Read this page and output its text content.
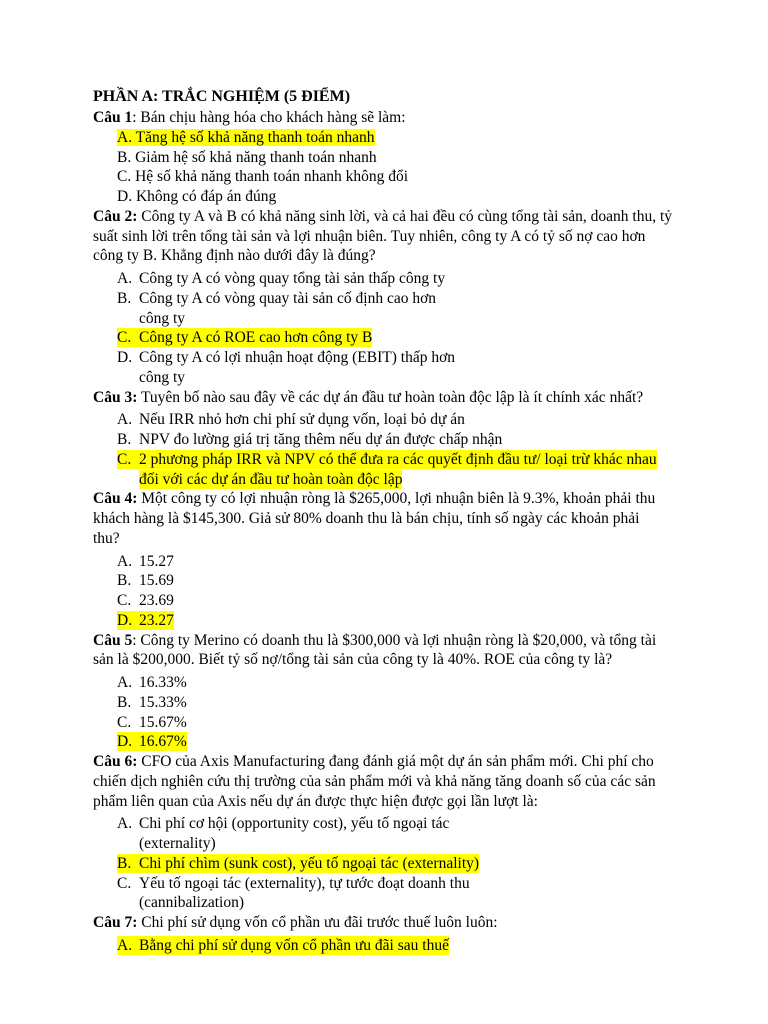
PHẦN A: TRẮC NGHIỆM (5 ĐIỂM)
Câu 1: Bán chịu hàng hóa cho khách hàng sẽ làm:
A. Tăng hệ số khả năng thanh toán nhanh
B. Giảm hệ số khả năng thanh toán nhanh
C. Hệ số khả năng thanh toán nhanh không đổi
D. Không có đáp án đúng
Câu 2: Công ty A và B có khả năng sinh lời, và cả hai đều có cùng tổng tài sản, doanh thu, tỷ
suất sinh lời trên tổng tài sản và lợi nhuận biên. Tuy nhiên, công ty A có tỷ số nợ cao hơn
công ty B. Khẳng định nào dưới đây là đúng?
A. Công ty A có vòng quay tổng tài sản thấp công ty
B. Công ty A có vòng quay tài sản cố định cao hơn
công ty
C. Công ty A có ROE cao hơn công ty B
D. Công ty A có lợi nhuận hoạt động (EBIT) thấp hơn
công ty
Câu 3: Tuyên bố nào sau đây về các dự án đầu tư hoàn toàn độc lập là ít chính xác nhất?
A. Nếu IRR nhỏ hơn chi phí sử dụng vốn, loại bỏ dự án
B. NPV đo lường giá trị tăng thêm nếu dự án được chấp nhận
C. 2 phương pháp IRR và NPV có thể đưa ra các quyết định đầu tư/ loại trừ khác nhau
đối với các dự án đầu tư hoàn toàn độc lập
Câu 4: Một công ty có lợi nhuận ròng là $265,000, lợi nhuận biên là 9.3%, khoản phải thu
khách hàng là $145,300. Giả sử 80% doanh thu là bán chịu, tính số ngày các khoản phải
thu?
A. 15.27
B. 15.69
C. 23.69
D. 23.27
Câu 5: Công ty Merino có doanh thu là $300,000 và lợi nhuận ròng là $20,000, và tổng tài
sản là $200,000. Biết tỷ số nợ/tổng tài sản của công ty là 40%. ROE của công ty là?
A. 16.33%
B. 15.33%
C. 15.67%
D. 16.67%
Câu 6: CFO của Axis Manufacturing đang đánh giá một dự án sản phẩm mới. Chi phí cho
chiến dịch nghiên cứu thị trường của sản phẩm mới và khả năng tăng doanh số của các sản
phẩm liên quan của Axis nếu dự án được thực hiện được gọi lần lượt là:
A. Chi phí cơ hội (opportunity cost), yếu tố ngoại tác
(externality)
B. Chi phí chìm (sunk cost), yếu tố ngoại tác (externality)
C. Yếu tố ngoại tác (externality), tự tước đoạt doanh thu
(cannibalization)
Câu 7: Chi phí sử dụng vốn cổ phần ưu đãi trước thuế luôn luôn:
A. Bằng chi phí sử dụng vốn cổ phần ưu đãi sau thuế
